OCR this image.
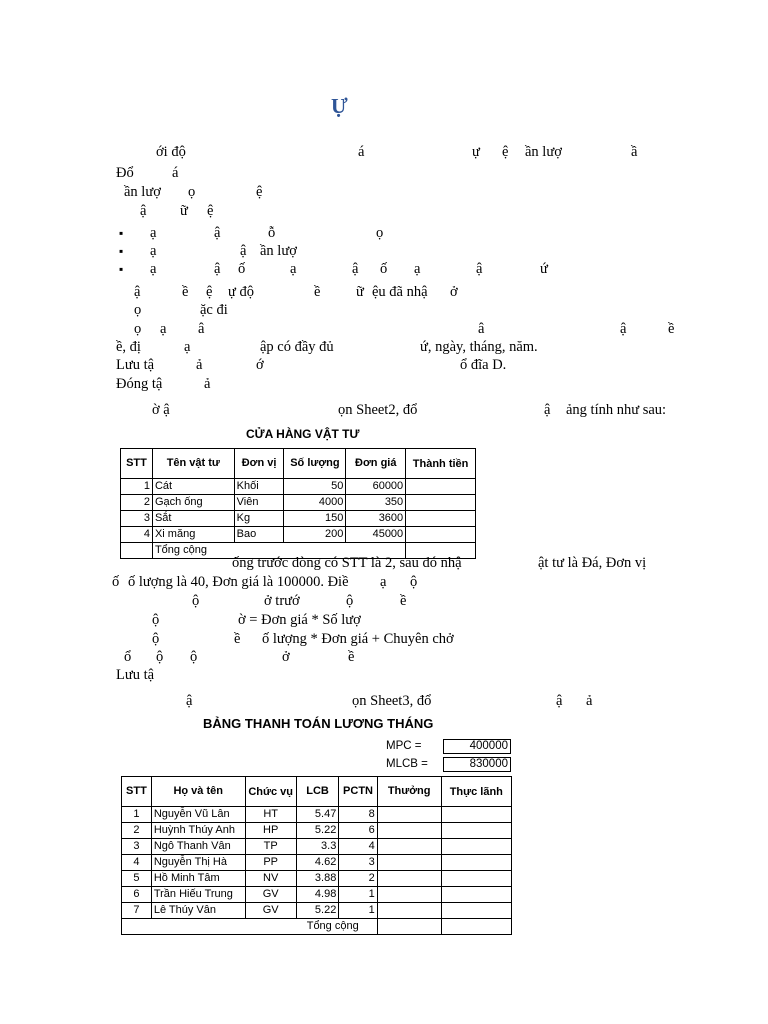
Ự
ới độ	á	ự ệ ần lượ	ầ
Đổ	á
ần lượ ọ	ệ
ậ ữ ệ
▪ ạ	ậ	ỗ	ọ
▪ ạ	ậ ần lượ
▪ ạ	ậ ố	ạ	ậ ố ạ	ậ	ứ
ậ	ề ệ ự độ	ề ữ ệu đã nhậ ở
ọ	ặc đi
ọ ạ â	â	ậ	ề
ề, đị	ạ	ập có đầy đủ	ứ, ngày, tháng, năm.
Lưu tậ	ả	ớ	ổ đĩa D.
Đóng tậ	ả
ờ ậ	ọn Sheet2, đổ	ậ ảng tính như sau:
CỬA HÀNG VẬT TƯ
STT	Tên vật tư	Đơn vị	Số lượng	Đơn giá	Thành tiền
1	Cát	Khối	50	60000	
2	Gạch ống	Viên	4000	350	
3	Sắt	Kg	150	3600	
4	Xi măng	Bao	200	45000	
	Tổng cộng				
ống trước dòng có STT là 2, sau đó nhậ	ật tư là Đá, Đơn vị
ố ố lượng là 40, Đơn giá là 100000. Điề ạ ộ
ộ	ở trướ	ộ	ề
ộ	ờ = Đơn giá * Số lượ
ộ	ề ố lượng * Đơn giá + Chuyên chở
ổ ộ ộ	ở	ề
Lưu tậ
ậ	ọn Sheet3, đổ	ậ ả
BẢNG THANH TOÁN LƯƠNG THÁNG
MPC =	400000
MLCB =	830000
STT	Họ và tên	Chức vụ	LCB	PCTN	Thưởng	Thực lãnh
1	Nguyễn Vũ Lân	HT	5.47	8		
2	Huỳnh Thúy Anh	HP	5.22	6		
3	Ngô Thanh Vân	TP	3.3	4		
4	Nguyễn Thị Hà	PP	4.62	3		
5	Hồ Minh Tâm	NV	3.88	2		
6	Trần Hiếu Trung	GV	4.98	1		
7	Lê Thúy Vân	GV	5.22	1		
Tổng cộng						
